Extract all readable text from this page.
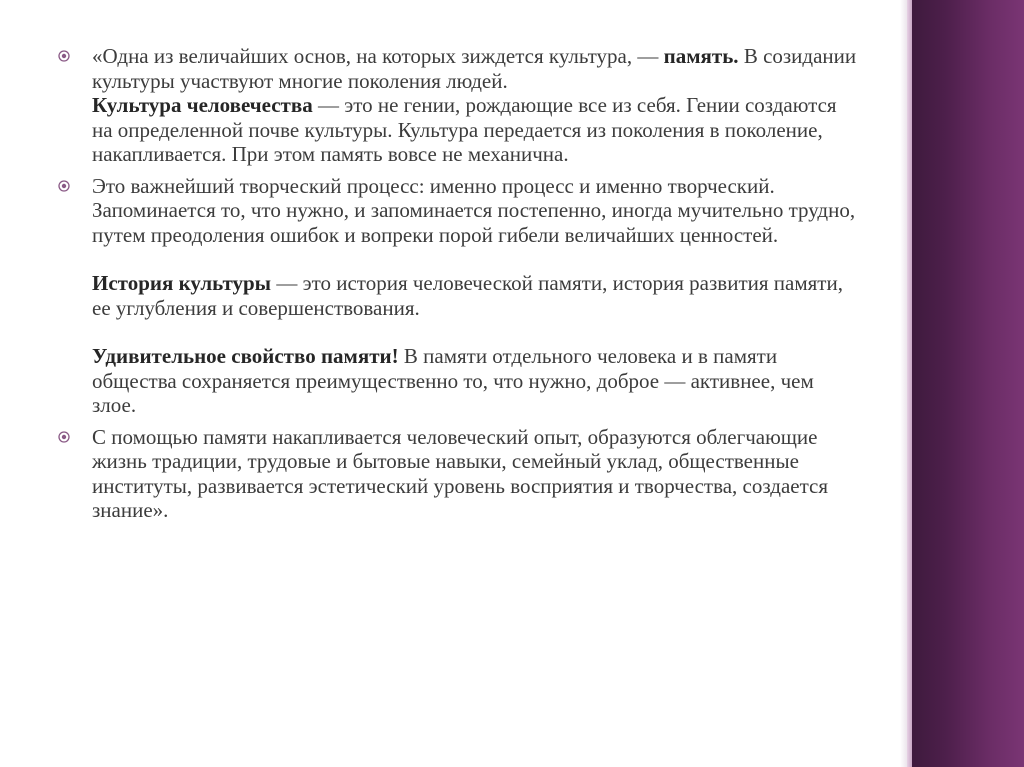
«Одна из величайших основ, на которых зиждется культура, — память. В созидании культуры участвуют многие поколения людей.
Культура человечества — это не гении, рождающие все из себя. Гении создаются на определенной почве культуры. Культура передается из поколения в поколение, накапливается. При этом память вовсе не механична.
Это важнейший творческий процесс: именно процесс и именно творческий. Запоминается то, что нужно, и запоминается постепенно, иногда мучительно трудно, путем преодоления ошибок и вопреки порой гибели величайших ценностей.
История культуры — это история человеческой памяти, история развития памяти, ее углубления и совершенствования.
Удивительное свойство памяти! В памяти отдельного человека и в памяти общества сохраняется преимущественно то, что нужно, доброе — активнее, чем злое.
С помощью памяти накапливается человеческий опыт, образуются облегчающие жизнь традиции, трудовые и бытовые навыки, семейный уклад, общественные институты, развивается эстетический уровень восприятия и творчества, создается знание».
